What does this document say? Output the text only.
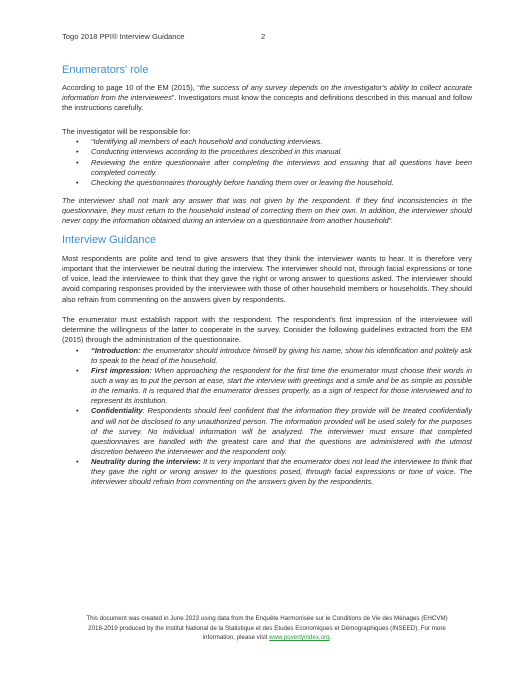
Togo 2018 PPI® Interview Guidance	2
Enumerators' role

According to page 10 of the EM (2015), “the success of any survey depends on the investigator's ability to collect accurate information from the interviewees”. Investigators must know the concepts and definitions described in this manual and follow the instructions carefully.

The investigator will be responsible for:

• “Identifying all members of each household and conducting interviews.
• Conducting interviews according to the procedures described in this manual.
• Reviewing the entire questionnaire after completing the interviews and ensuring that all questions have been completed correctly.
• Checking the questionnaires thoroughly before handing them over or leaving the household.

The interviewer shall not mark any answer that was not given by the respondent. If they find inconsistencies in the questionnaire, they must return to the household instead of correcting them on their own. In addition, the interviewer should never copy the information obtained during an interview on a questionnaire from another household”.

Interview Guidance

Most respondents are polite and tend to give answers that they think the interviewer wants to hear. It is therefore very important that the interviewer be neutral during the interview. The interviewer should not, through facial expressions or tone of voice, lead the interviewee to think that they gave the right or wrong answer to questions asked. The interviewer should avoid comparing responses provided by the interviewee with those of other household members or households. They should also refrain from commenting on the answers given by respondents.

The enumerator must establish rapport with the respondent. The respondent's first impression of the interviewee will determine the willingness of the latter to cooperate in the survey. Consider the following guidelines extracted from the EM (2015) through the administration of the questionnaire.

• “Introduction: the enumerator should introduce himself by giving his name, show his identification and politely ask to speak to the head of the household.
• First impression: When approaching the respondent for the first time the enumerator must choose their words in such a way as to put the person at ease, start the interview with greetings and a smile and be as simple as possible in the remarks. It is required that the enumerator dresses properly, as a sign of respect for those interviewed and to represent its institution.
• Confidentiality: Respondents should feel confident that the information they provide will be treated confidentially and will not be disclosed to any unauthorized person. The information provided will be used solely for the purposes of the survey. No individual information will be analyzed. The interviewer must ensure that completed questionnaires are handled with the greatest care and that the questions are administered with the utmost discretion between the interviewer and the respondent only.
• Neutrality during the interview: It is very important that the enumerator does not lead the interviewee to think that they gave the right or wrong answer to the questions posed, through facial expressions or tone of voice. The interviewer should refrain from commenting on the answers given by the respondents.
This document was created in June 2023 using data from the Enquête Harmonisée sur le Conditions de Vie des Ménages (EHCVM)
2018-2019 produced by the Institut National de la Statistique et des Etudes Economiques et Démographiques (INSEED). For more
information, please visit www.povertyindex.org.
